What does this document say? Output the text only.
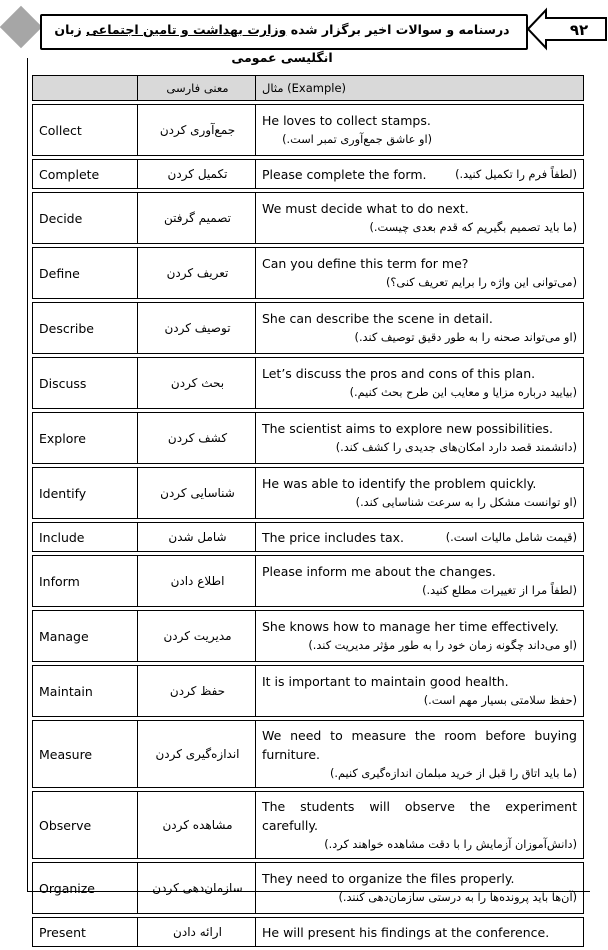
درسنامه و سوالات اخیر برگزار شده وزارت بهداشت و تامین اجتماعی زبان انگلیسی عمومی
۹۲
	معنی فارسی	مثال (Example)
Collect	جمع‌آوری کردن	He loves to collect stamps.
(او عاشق جمع‌آوری تمبر است.)

Complete	تکمیل کردن	Please complete the form. (لطفاً فرم را تکمیل کنید.)

Decide	تصمیم گرفتن	We must decide what to do next.
(ما باید تصمیم بگیریم که قدم بعدی چیست.)

Define	تعریف کردن	Can you define this term for me?
(می‌توانی این واژه را برایم تعریف کنی؟)

Describe	توصیف کردن	She can describe the scene in detail.
(او می‌تواند صحنه را به طور دقیق توصیف کند.)

Discuss	بحث کردن	Let’s discuss the pros and cons of this plan.
(بیایید درباره مزایا و معایب این طرح بحث کنیم.)

Explore	کشف کردن	The scientist aims to explore new possibilities.
(دانشمند قصد دارد امکان‌های جدیدی را کشف کند.)

Identify	شناسایی کردن	He was able to identify the problem quickly.
(او توانست مشکل را به سرعت شناسایی کند.)

Include	شامل شدن	The price includes tax. (قیمت شامل مالیات است.)

Inform	اطلاع دادن	Please inform me about the changes.
(لطفاً مرا از تغییرات مطلع کنید.)

Manage	مدیریت کردن	She knows how to manage her time effectively.
(او می‌داند چگونه زمان خود را به طور مؤثر مدیریت کند.)

Maintain	حفظ کردن	It is important to maintain good health.
(حفظ سلامتی بسیار مهم است.)

Measure	اندازه‌گیری کردن	We need to measure the room before buying furniture.
(ما باید اتاق را قبل از خرید مبلمان اندازه‌گیری کنیم.)

Observe	مشاهده کردن	The students will observe the experiment carefully.
(دانش‌آموزان آزمایش را با دقت مشاهده خواهند کرد.)

Organize	سازمان‌دهی کردن	They need to organize the files properly.
(آن‌ها باید پرونده‌ها را به درستی سازمان‌دهی کنند.)

Present	ارائه دادن	He will present his findings at the conference.
